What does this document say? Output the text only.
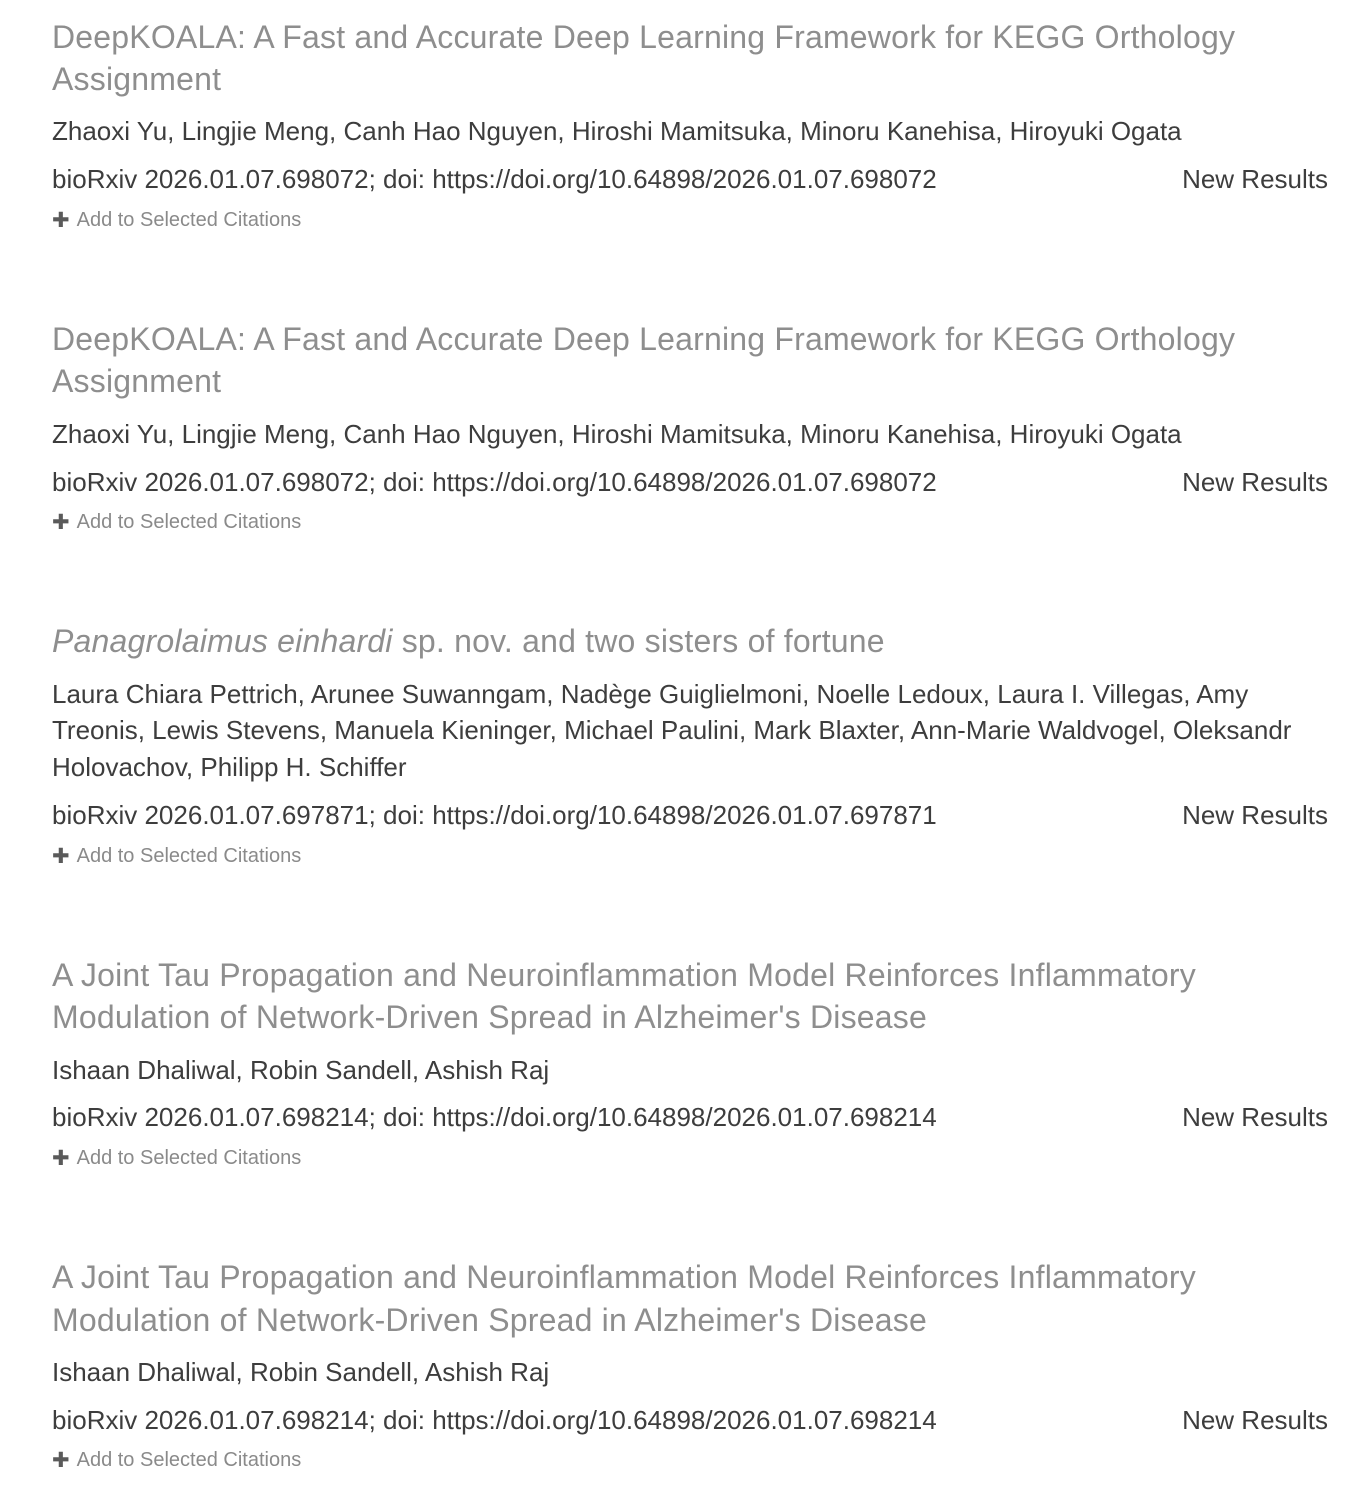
DeepKOALA: A Fast and Accurate Deep Learning Framework for KEGG Orthology Assignment
Zhaoxi Yu, Lingjie Meng, Canh Hao Nguyen, Hiroshi Mamitsuka, Minoru Kanehisa, Hiroyuki Ogata
bioRxiv 2026.01.07.698072; doi: https://doi.org/10.64898/2026.01.07.698072	New Results
✚ Add to Selected Citations
DeepKOALA: A Fast and Accurate Deep Learning Framework for KEGG Orthology Assignment
Zhaoxi Yu, Lingjie Meng, Canh Hao Nguyen, Hiroshi Mamitsuka, Minoru Kanehisa, Hiroyuki Ogata
bioRxiv 2026.01.07.698072; doi: https://doi.org/10.64898/2026.01.07.698072	New Results
✚ Add to Selected Citations
Panagrolaimus einhardi sp. nov. and two sisters of fortune
Laura Chiara Pettrich, Arunee Suwanngam, Nadège Guiglielmoni, Noelle Ledoux, Laura I. Villegas, Amy Treonis, Lewis Stevens, Manuela Kieninger, Michael Paulini, Mark Blaxter, Ann-Marie Waldvogel, Oleksandr Holovachov, Philipp H. Schiffer
bioRxiv 2026.01.07.697871; doi: https://doi.org/10.64898/2026.01.07.697871	New Results
✚ Add to Selected Citations
A Joint Tau Propagation and Neuroinflammation Model Reinforces Inflammatory Modulation of Network-Driven Spread in Alzheimer's Disease
Ishaan Dhaliwal, Robin Sandell, Ashish Raj
bioRxiv 2026.01.07.698214; doi: https://doi.org/10.64898/2026.01.07.698214	New Results
✚ Add to Selected Citations
A Joint Tau Propagation and Neuroinflammation Model Reinforces Inflammatory Modulation of Network-Driven Spread in Alzheimer's Disease
Ishaan Dhaliwal, Robin Sandell, Ashish Raj
bioRxiv 2026.01.07.698214; doi: https://doi.org/10.64898/2026.01.07.698214	New Results
✚ Add to Selected Citations
